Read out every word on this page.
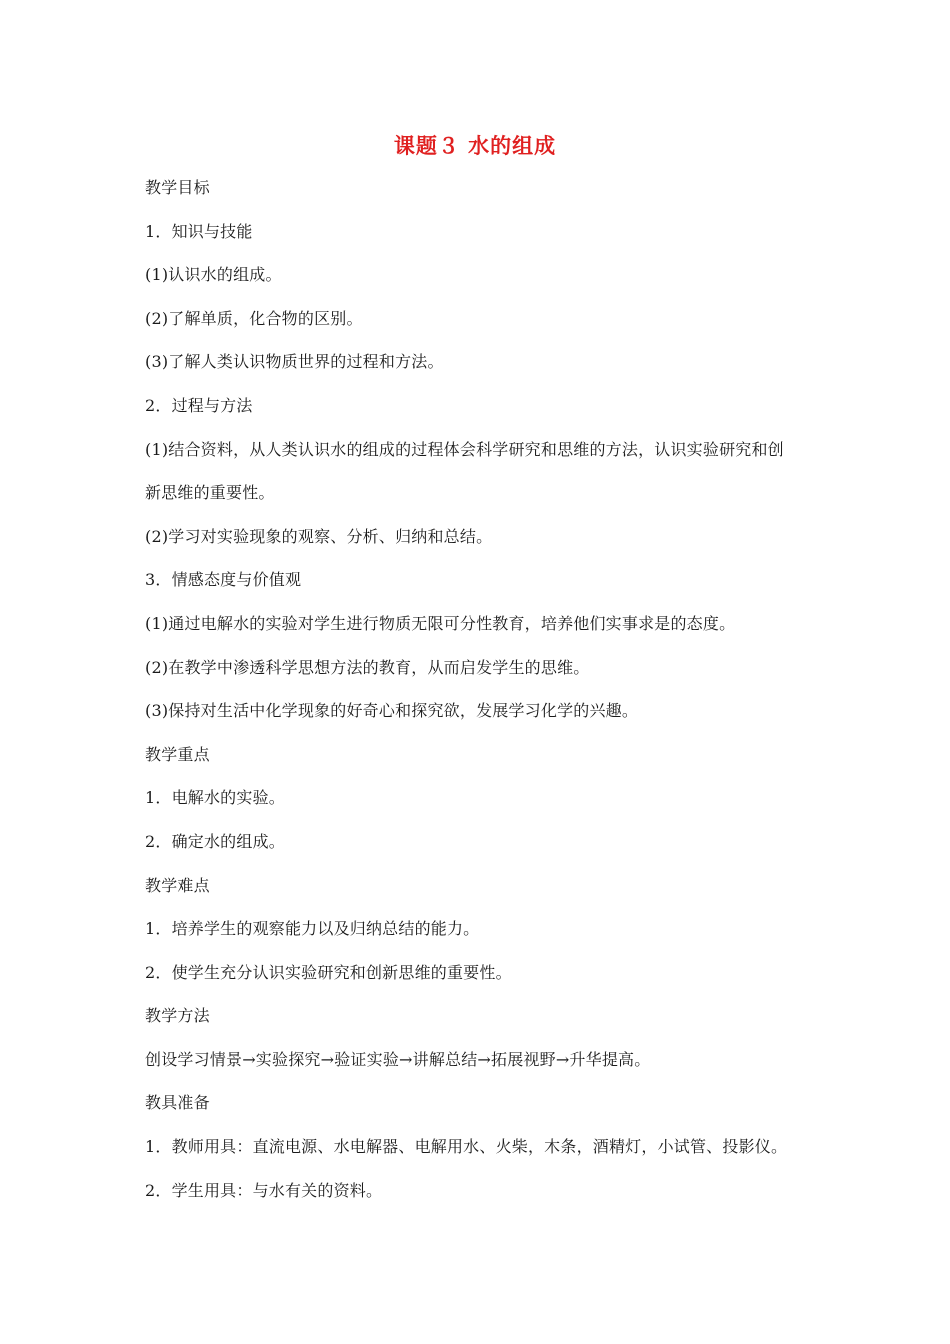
课题３ 水的组成
教学目标
1．知识与技能
(1)认识水的组成。
(2)了解单质，化合物的区别。
(3)了解人类认识物质世界的过程和方法。
2．过程与方法
(1)结合资料，从人类认识水的组成的过程体会科学研究和思维的方法，认识实验研究和创
新思维的重要性。
(2)学习对实验现象的观察、分析、归纳和总结。
3．情感态度与价值观
(1)通过电解水的实验对学生进行物质无限可分性教育，培养他们实事求是的态度。
(2)在教学中渗透科学思想方法的教育，从而启发学生的思维。
(3)保持对生活中化学现象的好奇心和探究欲，发展学习化学的兴趣。
教学重点
1．电解水的实验。
2．确定水的组成。
教学难点
1．培养学生的观察能力以及归纳总结的能力。
2．使学生充分认识实验研究和创新思维的重要性。
教学方法
创设学习情景→实验探究→验证实验→讲解总结→拓展视野→升华提高。
教具准备
1．教师用具：直流电源、水电解器、电解用水、火柴，木条，酒精灯，小试管、投影仪。
2．学生用具：与水有关的资料。
